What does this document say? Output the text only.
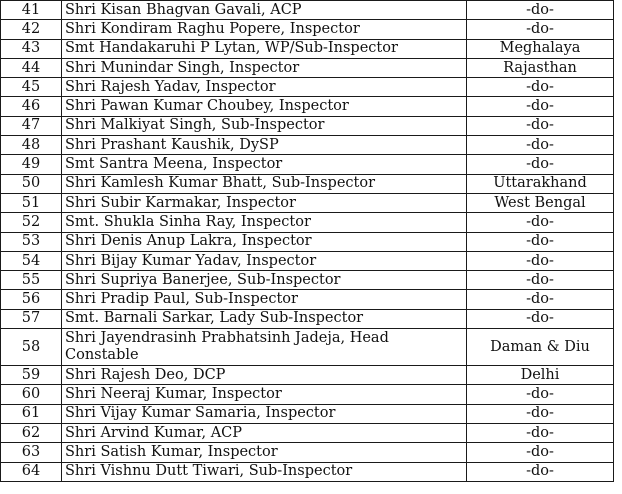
41	Shri Kisan Bhagvan Gavali, ACP	-do-
42	Shri Kondiram Raghu Popere, Inspector	-do-
43	Smt Handakaruhi P Lytan, WP/Sub-Inspector	Meghalaya
44	Shri Munindar Singh, Inspector	Rajasthan
45	Shri Rajesh Yadav, Inspector	-do-
46	Shri Pawan Kumar Choubey, Inspector	-do-
47	Shri Malkiyat Singh, Sub-Inspector	-do-
48	Shri Prashant Kaushik, DySP	-do-
49	Smt Santra Meena, Inspector	-do-
50	Shri Kamlesh Kumar Bhatt, Sub-Inspector	Uttarakhand
51	Shri Subir Karmakar, Inspector	West Bengal
52	Smt. Shukla Sinha Ray, Inspector	-do-
53	Shri Denis Anup Lakra, Inspector	-do-
54	Shri Bijay Kumar Yadav, Inspector	-do-
55	Shri Supriya Banerjee, Sub-Inspector	-do-
56	Shri Pradip Paul, Sub-Inspector	-do-
57	Smt. Barnali Sarkar, Lady Sub-Inspector	-do-
58	Shri Jayendrasinh Prabhatsinh Jadeja, Head Constable	Daman & Diu
59	Shri Rajesh Deo, DCP	Delhi
60	Shri Neeraj Kumar, Inspector	-do-
61	Shri Vijay Kumar Samaria, Inspector	-do-
62	Shri Arvind Kumar, ACP	-do-
63	Shri Satish Kumar, Inspector	-do-
64	Shri Vishnu Dutt Tiwari, Sub-Inspector	-do-
